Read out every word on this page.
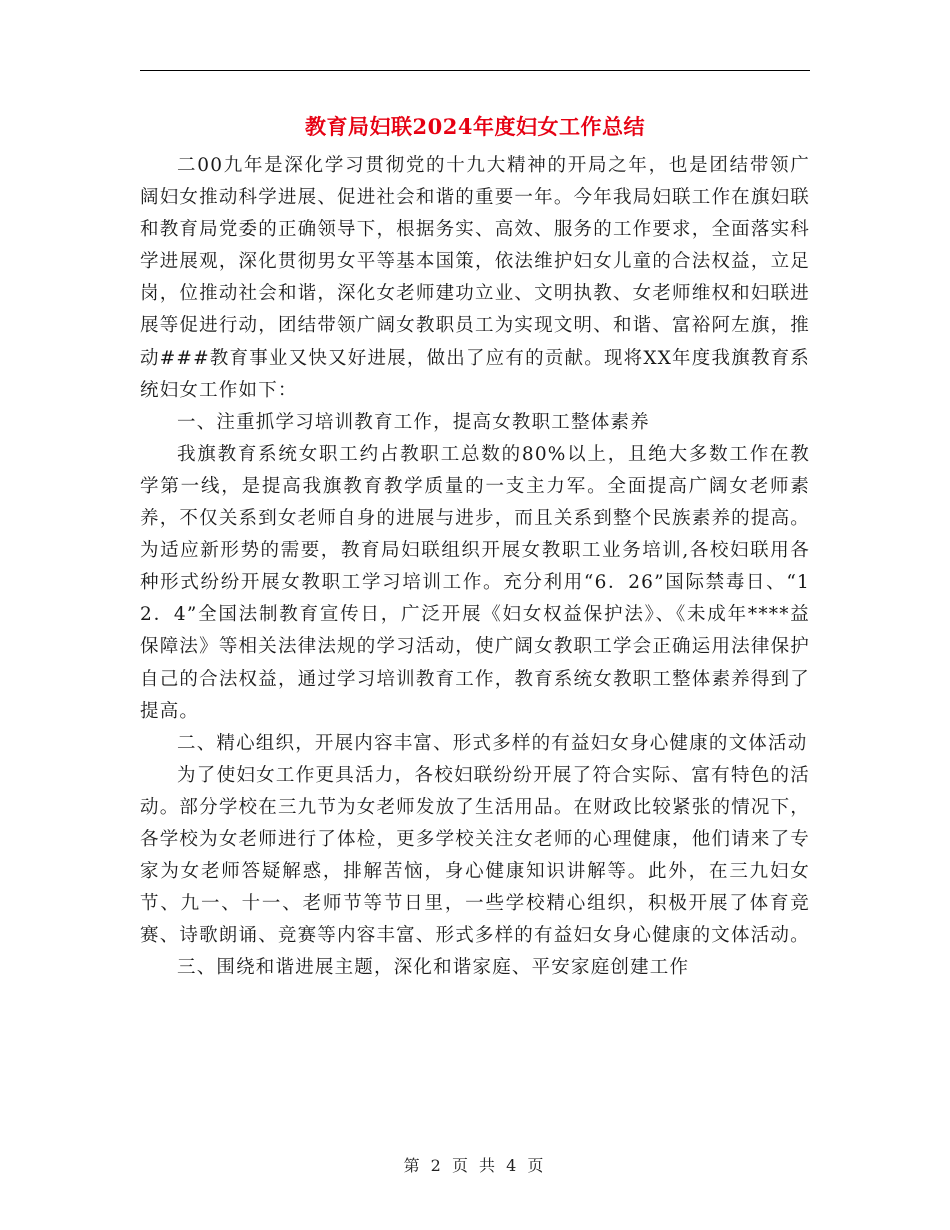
教育局妇联2024年度妇女工作总结

二00九年是深化学习贯彻党的十九大精神的开局之年，也是团结带领广阔妇女推动科学进展、促进社会和谐的重要一年。今年我局妇联工作在旗妇联和教育局党委的正确领导下，根据务实、高效、服务的工作要求，全面落实科学进展观，深化贯彻男女平等基本国策，依法维护妇女儿童的合法权益，立足岗，位推动社会和谐，深化女老师建功立业、文明执教、女老师维权和妇联进展等促进行动，团结带领广阔女教职员工为实现文明、和谐、富裕阿左旗，推动###教育事业又快又好进展，做出了应有的贡献。现将XX年度我旗教育系统妇女工作如下：

一、注重抓学习培训教育工作，提高女教职工整体素养

我旗教育系统女职工约占教职工总数的80%以上，且绝大多数工作在教学第一线，是提高我旗教育教学质量的一支主力军。全面提高广阔女老师素养，不仅关系到女老师自身的进展与进步，而且关系到整个民族素养的提高。为适应新形势的需要，教育局妇联组织开展女教职工业务培训,各校妇联用各种形式纷纷开展女教职工学习培训工作。充分利用“6．26”国际禁毒日、“12．4”全国法制教育宣传日，广泛开展《妇女权益保护法》、《未成年****益保障法》等相关法律法规的学习活动，使广阔女教职工学会正确运用法律保护自己的合法权益，通过学习培训教育工作，教育系统女教职工整体素养得到了提高。

二、精心组织，开展内容丰富、形式多样的有益妇女身心健康的文体活动

为了使妇女工作更具活力，各校妇联纷纷开展了符合实际、富有特色的活动。部分学校在三九节为女老师发放了生活用品。在财政比较紧张的情况下，各学校为女老师进行了体检，更多学校关注女老师的心理健康，他们请来了专家为女老师答疑解惑，排解苦恼，身心健康知识讲解等。此外，在三九妇女节、九一、十一、老师节等节日里，一些学校精心组织，积极开展了体育竞赛、诗歌朗诵、竞赛等内容丰富、形式多样的有益妇女身心健康的文体活动。

三、围绕和谐进展主题，深化和谐家庭、平安家庭创建工作

第 2 页 共 4 页
